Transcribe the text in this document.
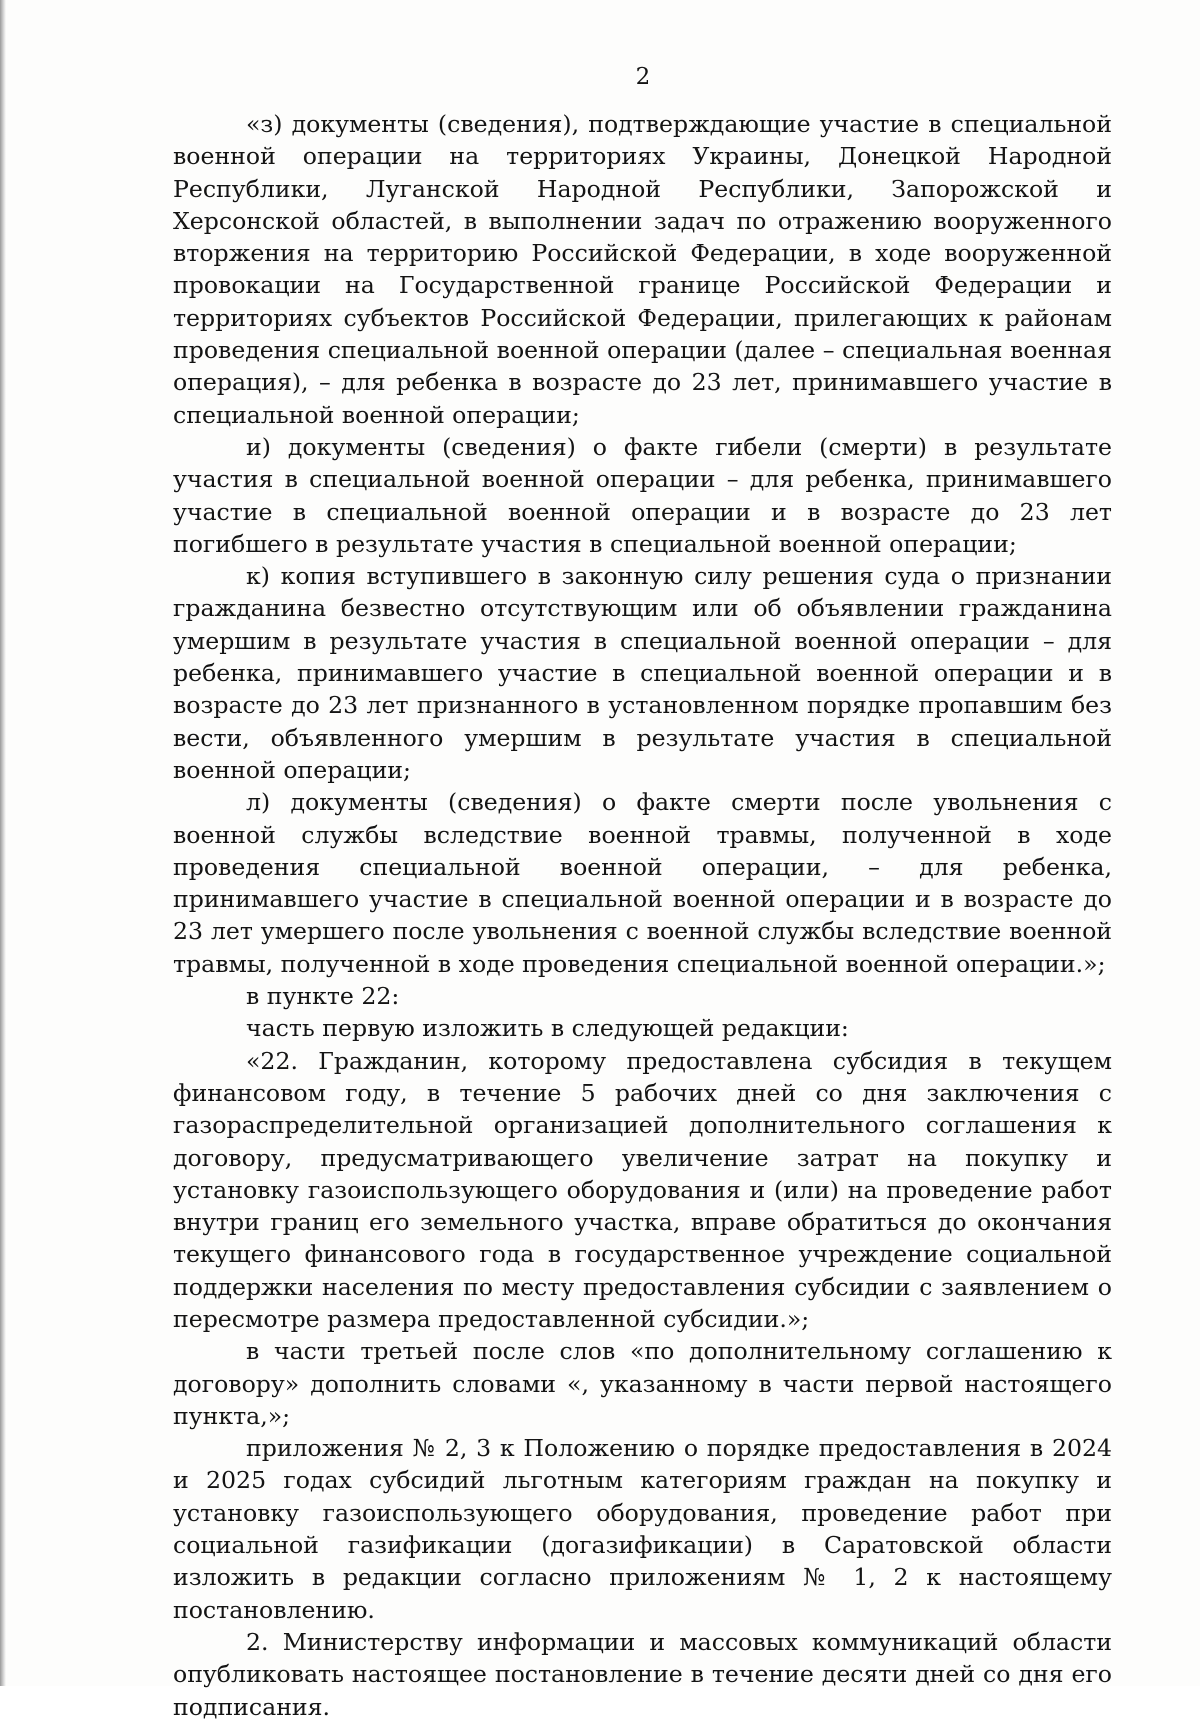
2

«з) документы (сведения), подтверждающие участие в специальной военной операции на территориях Украины, Донецкой Народной Республики, Луганской Народной Республики, Запорожской и Херсонской областей, в выполнении задач по отражению вооруженного вторжения на территорию Российской Федерации, в ходе вооруженной провокации на Государственной границе Российской Федерации и территориях субъектов Российской Федерации, прилегающих к районам проведения специальной военной операции (далее – специальная военная операция), – для ребенка в возрасте до 23 лет, принимавшего участие в специальной военной операции;

и) документы (сведения) о факте гибели (смерти) в результате участия в специальной военной операции – для ребенка, принимавшего участие в специальной военной операции и в возрасте до 23 лет погибшего в результате участия в специальной военной операции;

к) копия вступившего в законную силу решения суда о признании гражданина безвестно отсутствующим или об объявлении гражданина умершим в результате участия в специальной военной операции – для ребенка, принимавшего участие в специальной военной операции и в возрасте до 23 лет признанного в установленном порядке пропавшим без вести, объявленного умершим в результате участия в специальной военной операции;

л) документы (сведения) о факте смерти после увольнения с военной службы вследствие военной травмы, полученной в ходе проведения специальной военной операции, – для ребенка, принимавшего участие в специальной военной операции и в возрасте до 23 лет умершего после увольнения с военной службы вследствие военной травмы, полученной в ходе проведения специальной военной операции.»;

в пункте 22:

часть первую изложить в следующей редакции:

«22. Гражданин, которому предоставлена субсидия в текущем финансовом году, в течение 5 рабочих дней со дня заключения с газораспределительной организацией дополнительного соглашения к договору, предусматривающего увеличение затрат на покупку и установку газоиспользующего оборудования и (или) на проведение работ внутри границ его земельного участка, вправе обратиться до окончания текущего финансового года в государственное учреждение социальной поддержки населения по месту предоставления субсидии с заявлением о пересмотре размера предоставленной субсидии.»;

в части третьей после слов «по дополнительному соглашению к договору» дополнить словами «, указанному в части первой настоящего пункта,»;

приложения № 2, 3 к Положению о порядке предоставления в 2024 и 2025 годах субсидий льготным категориям граждан на покупку и установку газоиспользующего оборудования, проведение работ при социальной газификации (догазификации) в Саратовской области изложить в редакции согласно приложениям № 1, 2 к настоящему постановлению.

2. Министерству информации и массовых коммуникаций области опубликовать настоящее постановление в течение десяти дней со дня его подписания.
